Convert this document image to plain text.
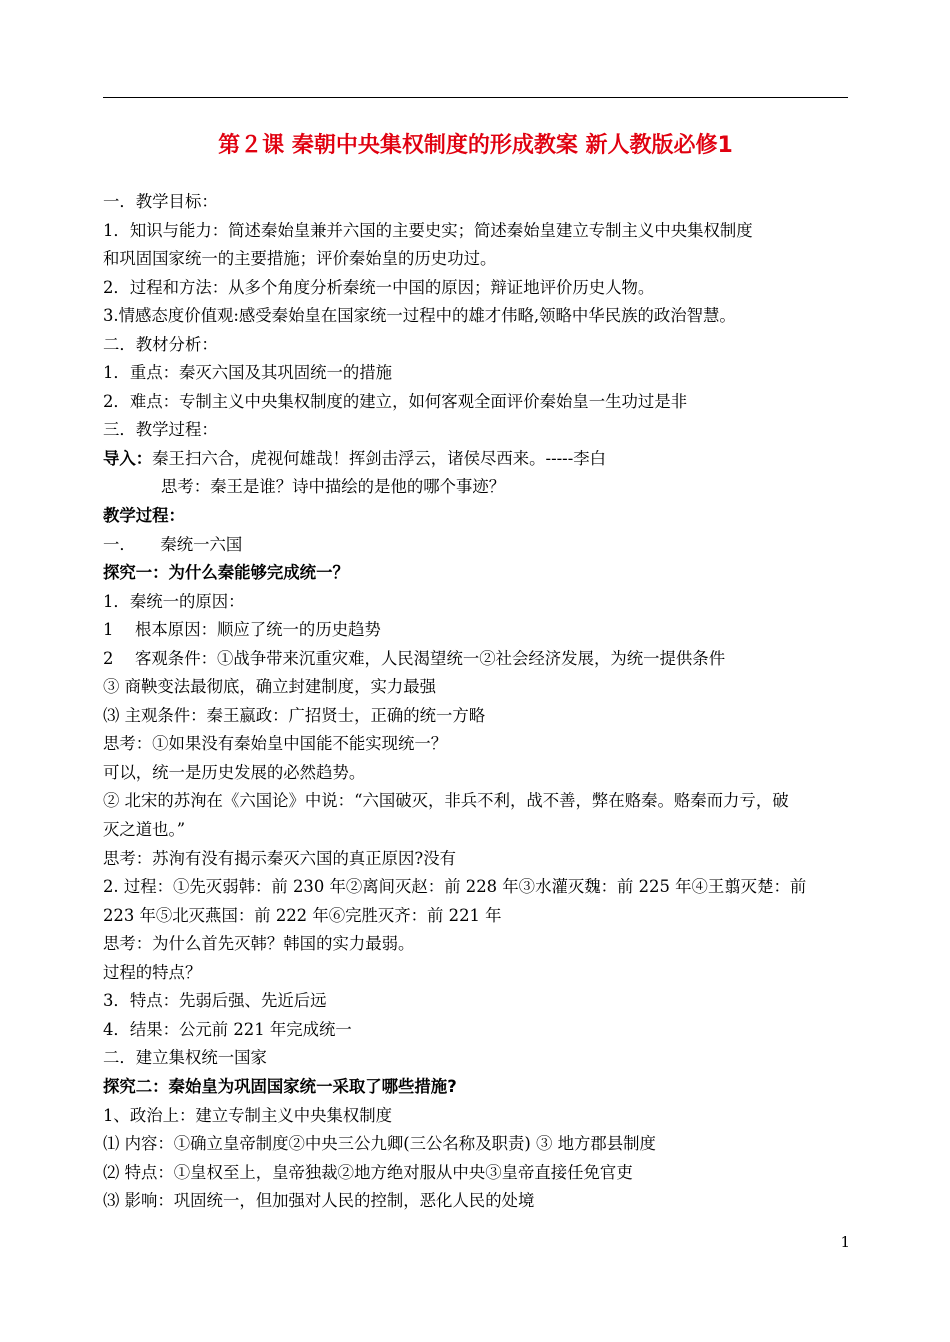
第２课 秦朝中央集权制度的形成教案 新人教版必修1
一．教学目标：
1．知识与能力：简述秦始皇兼并六国的主要史实；简述秦始皇建立专制主义中央集权制度
和巩固国家统一的主要措施；评价秦始皇的历史功过。
2．过程和方法：从多个角度分析秦统一中国的原因；辩证地评价历史人物。
3.情感态度价值观:感受秦始皇在国家统一过程中的雄才伟略,领略中华民族的政治智慧。
二．教材分析：
1．重点：秦灭六国及其巩固统一的措施
2．难点：专制主义中央集权制度的建立，如何客观全面评价秦始皇一生功过是非
三．教学过程：
导入：秦王扫六合，虎视何雄哉！挥剑击浮云，诸侯尽西来。-----李白
思考：秦王是谁？诗中描绘的是他的哪个事迹？
教学过程：
一．　　秦统一六国
探究一：为什么秦能够完成统一？
1．秦统一的原因：
1　 根本原因：顺应了统一的历史趋势
2　 客观条件：①战争带来沉重灾难，人民渴望统一②社会经济发展，为统一提供条件
③ 商鞅变法最彻底，确立封建制度，实力最强
⑶ 主观条件：秦王嬴政：广招贤士，正确的统一方略
思考：①如果没有秦始皇中国能不能实现统一？
可以，统一是历史发展的必然趋势。
② 北宋的苏洵在《六国论》中说：“六国破灭，非兵不利，战不善，弊在赂秦。赂秦而力亏，破
灭之道也。”
思考：苏洵有没有揭示秦灭六国的真正原因?没有
2. 过程：①先灭弱韩：前 230 年②离间灭赵：前 228 年③水灌灭魏：前 225 年④王翦灭楚：前
223 年⑤北灭燕国：前 222 年⑥完胜灭齐：前 221 年
思考：为什么首先灭韩？韩国的实力最弱。
过程的特点？
3．特点：先弱后强、先近后远
4．结果：公元前 221 年完成统一
二．建立集权统一国家
探究二：秦始皇为巩固国家统一采取了哪些措施?
1、政治上：建立专制主义中央集权制度
⑴ 内容：①确立皇帝制度②中央三公九卿(三公名称及职责) ③ 地方郡县制度
⑵ 特点：①皇权至上，皇帝独裁②地方绝对服从中央③皇帝直接任免官吏
⑶ 影响：巩固统一，但加强对人民的控制，恶化人民的处境
1
